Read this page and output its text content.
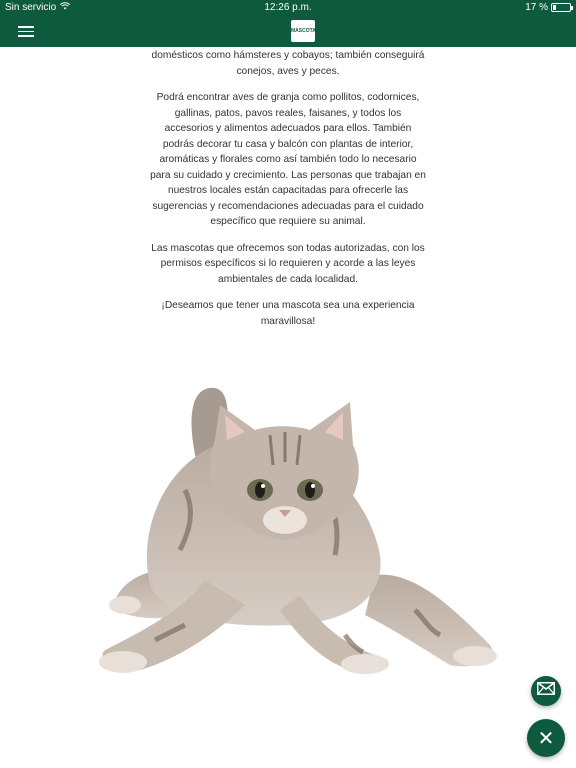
Sin servicio	12:26 p.m.	17 %
MASCOTAS

domésticos como hámsteres y cobayos; también conseguirá conejos, aves y peces.

Podrá encontrar aves de granja como pollitos, codornices, gallinas, patos, pavos reales, faisanes, y todos los accesorios y alimentos adecuados para ellos. También podrás decorar tu casa y balcón con plantas de interior, aromáticas y florales como así también todo lo necesario para su cuidado y crecimiento. Las personas que trabajan en nuestros locales están capacitadas para ofrecerle las sugerencias y recomendaciones adecuadas para el cuidado específico que requiere su animal.

Las mascotas que ofrecemos son todas autorizadas, con los permisos específicos si lo requieren y acorde a las leyes ambientales de cada localidad.

¡Deseamos que tener una mascota sea una experiencia maravillosa!

✕
